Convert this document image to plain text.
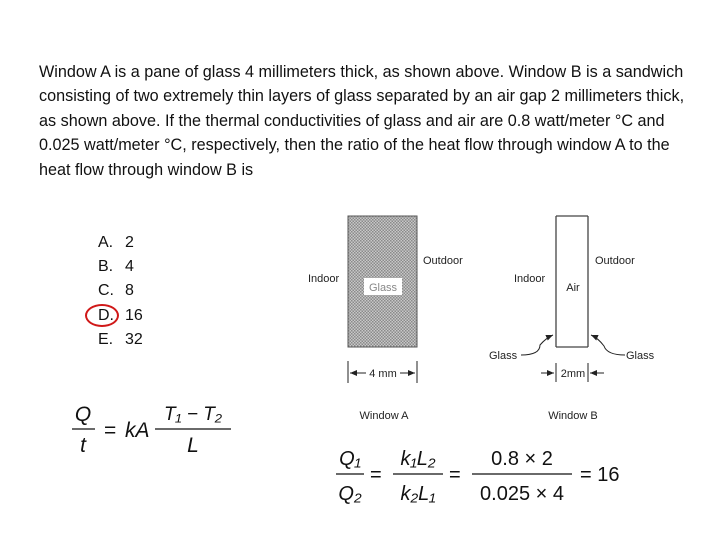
Window A is a pane of glass 4 millimeters thick, as shown above. Window B is a sandwich consisting of two extremely thin layers of glass separated by an air gap 2 millimeters thick, as shown above. If the thermal conductivities of glass and air are 0.8 watt/meter °C and 0.025 watt/meter °C, respectively, then the ratio of the heat flow through window A to the heat flow through window B is

A. 2
B. 4
C. 8
D. 16
E. 32
Glass
Indoor
Outdoor
4 mm
Window A
Air
Indoor
Outdoor
Glass	Glass
2mm
Window B
Q
t
= kA
T₁ − T₂
L
Q₁
Q₂
=
k₁L₂
k₂L₁
=
0.8 × 2
0.025 × 4
= 16
